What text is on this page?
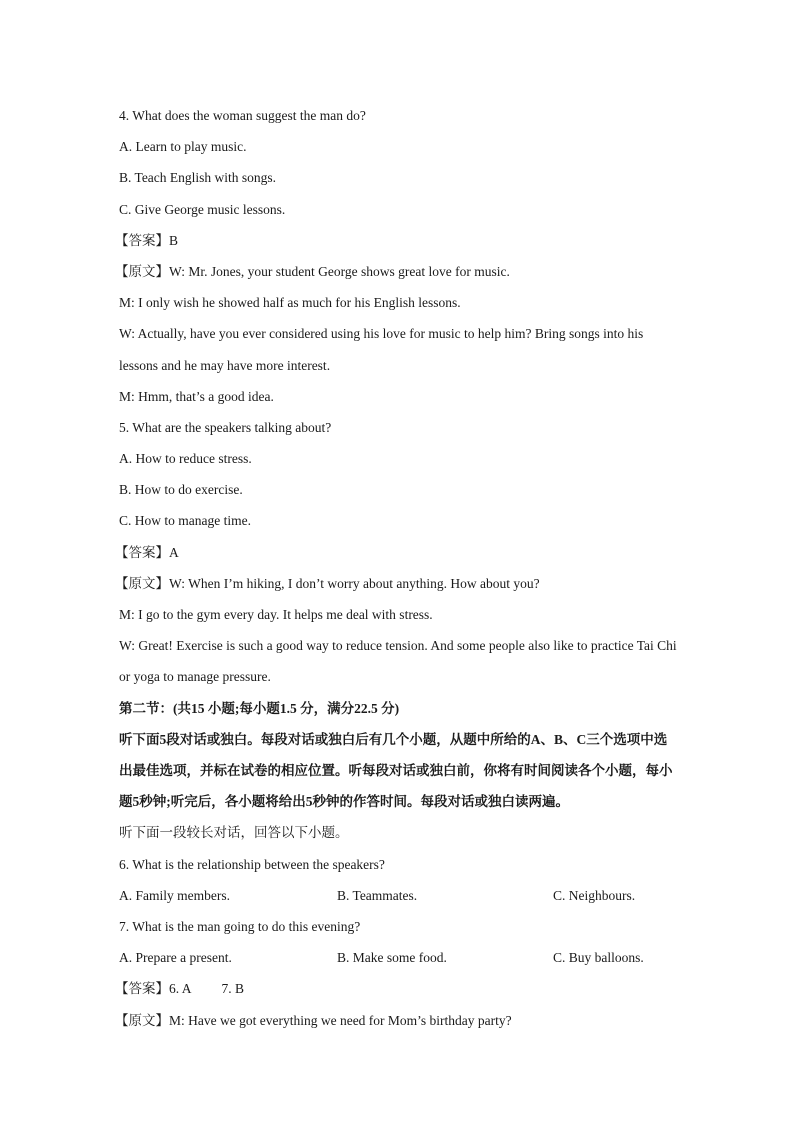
4. What does the woman suggest the man do?
A. Learn to play music.
B. Teach English with songs.
C. Give George music lessons.
【答案】B
【原文】W: Mr. Jones, your student George shows great love for music.
M: I only wish he showed half as much for his English lessons.
W: Actually, have you ever considered using his love for music to help him? Bring songs into his lessons and he may have more interest.
M: Hmm, that’s a good idea.
5. What are the speakers talking about?
A. How to reduce stress.
B. How to do exercise.
C. How to manage time.
【答案】A
【原文】W: When I’m hiking, I don’t worry about anything. How about you?
M: I go to the gym every day. It helps me deal with stress.
W: Great! Exercise is such a good way to reduce tension. And some people also like to practice Tai Chi or yoga to manage pressure.
第二节：(共15 小题;每小题1.5 分，满分22.5 分)
听下面5段对话或独白。每段对话或独白后有几个小题，从题中所给的A、B、C三个选项中选出最佳选项，并标在试卷的相应位置。听每段对话或独白前，你将有时间阅读各个小题，每小题5秒钟;听完后，各小题将给出5秒钟的作答时间。每段对话或独白读两遍。
听下面一段较长对话，回答以下小题。
6. What is the relationship between the speakers?
A. Family members.	B. Teammates.	C. Neighbours.
7. What is the man going to do this evening?
A. Prepare a present.	B. Make some food.	C. Buy balloons.
【答案】6. A 7. B
【原文】M: Have we got everything we need for Mom’s birthday party?
